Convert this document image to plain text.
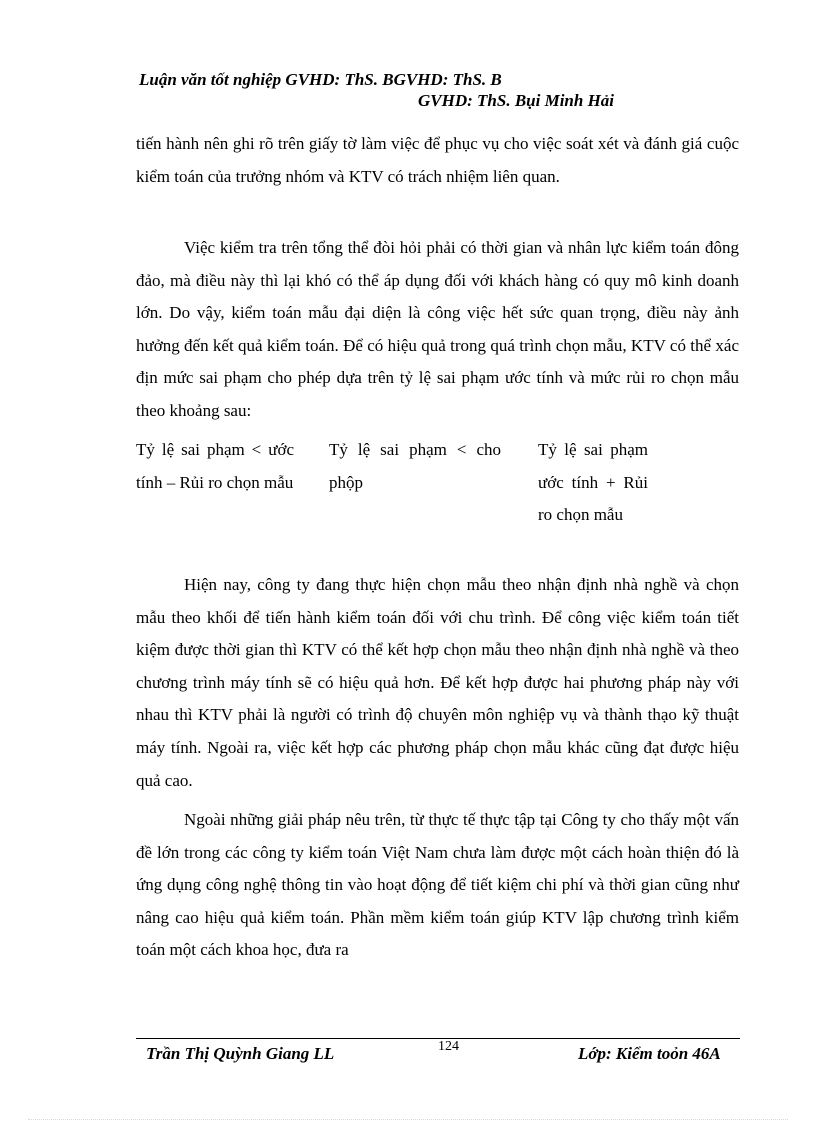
Luận văn tốt nghiệp GVHD: ThS. BGVHD: ThS. B
GVHD: ThS. Bụi Minh Hải
tiến hành nên ghi rõ trên giấy tờ làm việc để phục vụ cho việc soát xét và đánh giá cuộc kiểm toán của trưởng nhóm và KTV có trách nhiệm liên quan.
Việc kiểm tra trên tổng thể đòi hỏi phải có thời gian và nhân lực kiểm toán đông đảo, mà điều này thì lại khó có thể áp dụng đối với khách hàng có quy mô kinh doanh lớn. Do vậy, kiểm toán mẫu đại diện là công việc hết sức quan trọng, điều này ảnh hưởng đến kết quả kiểm toán. Để có hiệu quả trong quá trình chọn mẫu, KTV có thể xác địn mức sai phạm cho phép dựa trên tỷ lệ sai phạm ước tính và mức rủi ro chọn mẫu theo khoảng sau:
Tỷ lệ sai phạm < ước tính – Rủi ro chọn mẫu
Tỷ lệ sai phạm < cho phộp
Tỷ lệ sai phạm ước tính + Rủi ro chọn mẫu
Hiện nay, công ty đang thực hiện chọn mẫu theo nhận định nhà nghề và chọn mẫu theo khối để tiến hành kiểm toán đối với chu trình. Để công việc kiểm toán tiết kiệm được thời gian thì KTV có thể kết hợp chọn mẫu theo nhận định nhà nghề và theo chương trình máy tính sẽ có hiệu quả hơn. Để kết hợp được hai phương pháp này với nhau thì KTV phải là người có trình độ chuyên môn nghiệp vụ và thành thạo kỹ thuật máy tính. Ngoài ra, việc kết hợp các phương pháp chọn mẫu khác cũng đạt được hiệu quả cao.
Ngoài những giải pháp nêu trên, từ thực tế thực tập tại Công ty cho thấy một vấn đề lớn trong các công ty kiểm toán Việt Nam chưa làm được một cách hoàn thiện đó là ứng dụng công nghệ thông tin vào hoạt động để tiết kiệm chi phí và thời gian cũng như nâng cao hiệu quả kiểm toán. Phần mềm kiểm toán giúp KTV lập chương trình kiểm toán một cách khoa học, đưa ra
Trần Thị Quỳnh Giang LL	124	Lớp: Kiểm toỏn 46A
